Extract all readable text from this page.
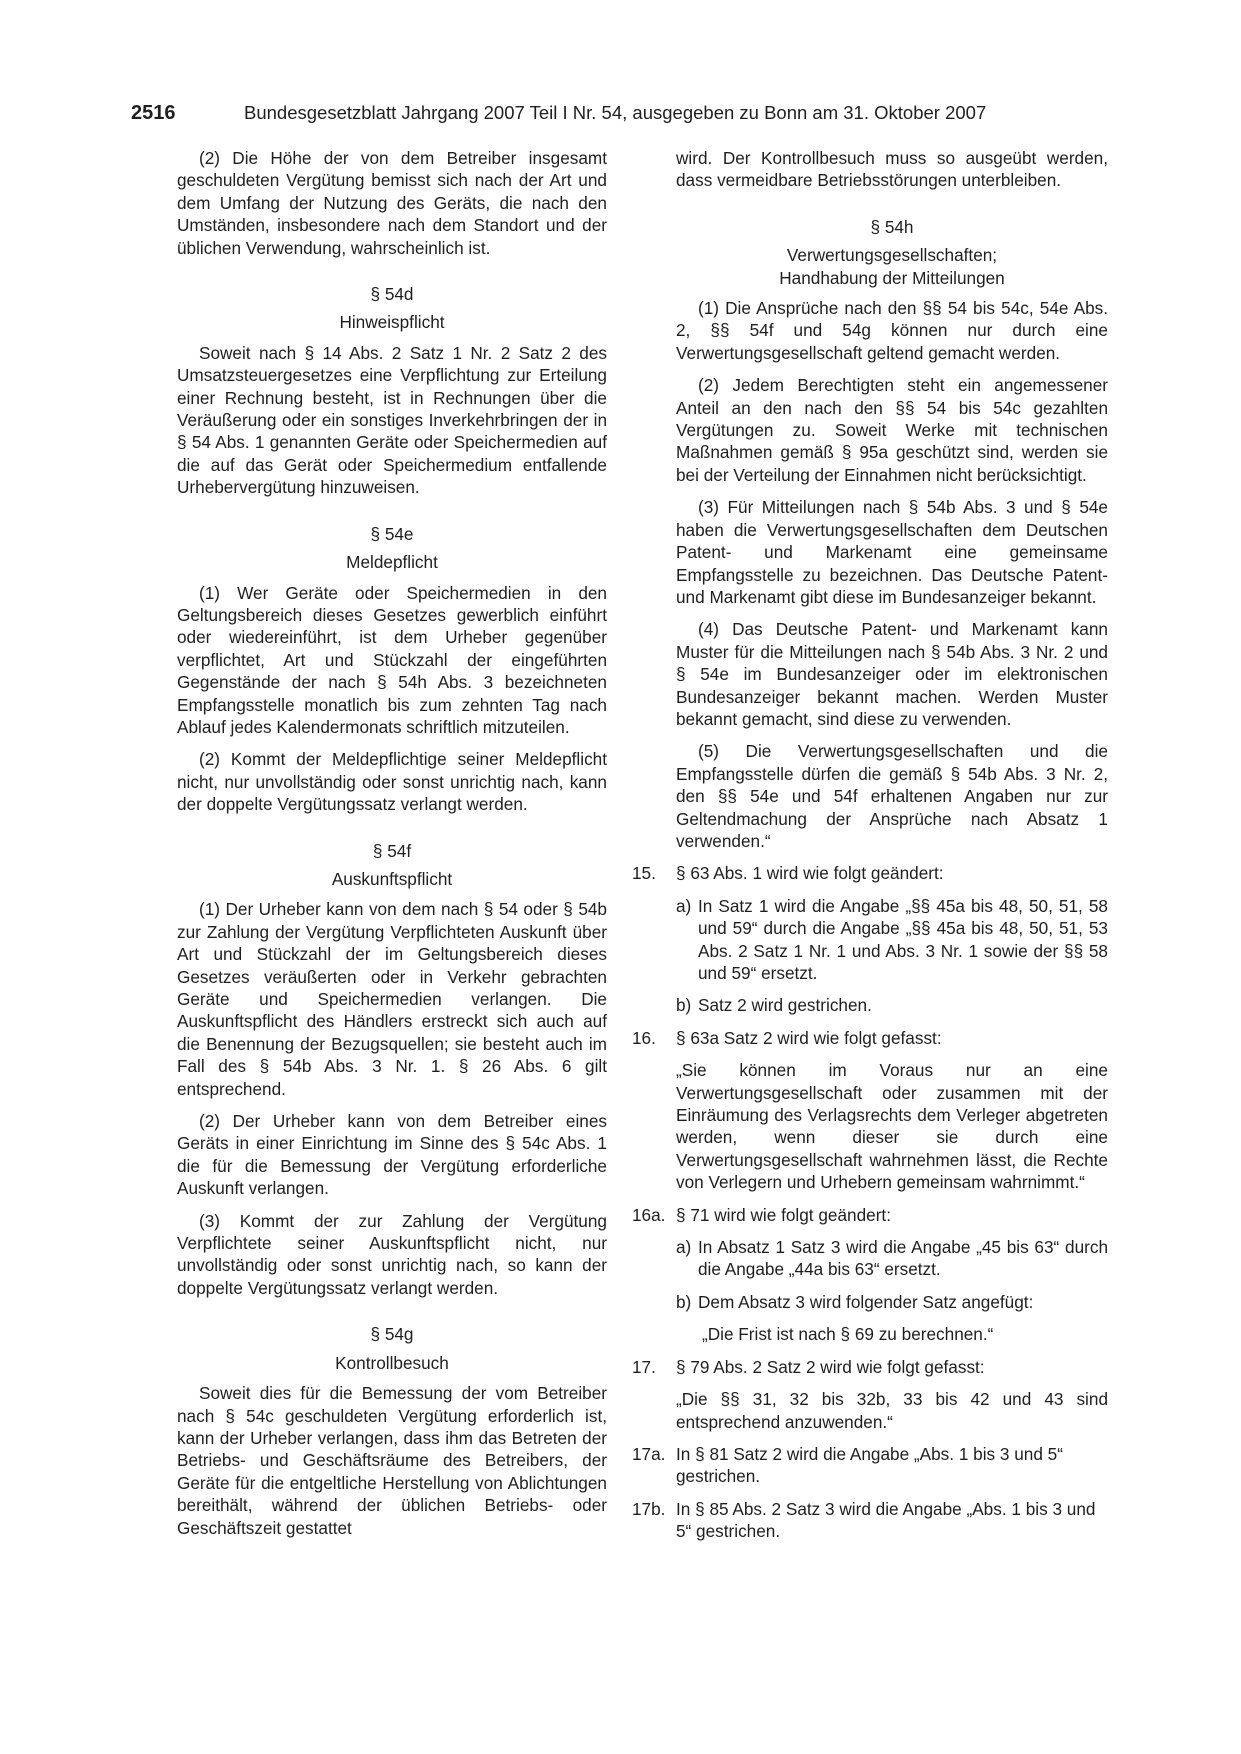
2516	Bundesgesetzblatt Jahrgang 2007 Teil I Nr. 54, ausgegeben zu Bonn am 31. Oktober 2007

(2) Die Höhe der von dem Betreiber insgesamt geschuldeten Vergütung bemisst sich nach der Art und dem Umfang der Nutzung des Geräts, die nach den Umständen, insbesondere nach dem Standort und der üblichen Verwendung, wahrscheinlich ist.

§ 54d
Hinweispflicht

Soweit nach § 14 Abs. 2 Satz 1 Nr. 2 Satz 2 des Umsatzsteuergesetzes eine Verpflichtung zur Erteilung einer Rechnung besteht, ist in Rechnungen über die Veräußerung oder ein sonstiges Inverkehrbringen der in § 54 Abs. 1 genannten Geräte oder Speichermedien auf die auf das Gerät oder Speichermedium entfallende Urhebervergütung hinzuweisen.

§ 54e
Meldepflicht

(1) Wer Geräte oder Speichermedien in den Geltungsbereich dieses Gesetzes gewerblich einführt oder wiedereinführt, ist dem Urheber gegenüber verpflichtet, Art und Stückzahl der eingeführten Gegenstände der nach § 54h Abs. 3 bezeichneten Empfangsstelle monatlich bis zum zehnten Tag nach Ablauf jedes Kalendermonats schriftlich mitzuteilen.

(2) Kommt der Meldepflichtige seiner Meldepflicht nicht, nur unvollständig oder sonst unrichtig nach, kann der doppelte Vergütungssatz verlangt werden.

§ 54f
Auskunftspflicht

(1) Der Urheber kann von dem nach § 54 oder § 54b zur Zahlung der Vergütung Verpflichteten Auskunft über Art und Stückzahl der im Geltungsbereich dieses Gesetzes veräußerten oder in Verkehr gebrachten Geräte und Speichermedien verlangen. Die Auskunftspflicht des Händlers erstreckt sich auch auf die Benennung der Bezugsquellen; sie besteht auch im Fall des § 54b Abs. 3 Nr. 1. § 26 Abs. 6 gilt entsprechend.

(2) Der Urheber kann von dem Betreiber eines Geräts in einer Einrichtung im Sinne des § 54c Abs. 1 die für die Bemessung der Vergütung erforderliche Auskunft verlangen.

(3) Kommt der zur Zahlung der Vergütung Verpflichtete seiner Auskunftspflicht nicht, nur unvollständig oder sonst unrichtig nach, so kann der doppelte Vergütungssatz verlangt werden.

§ 54g
Kontrollbesuch

Soweit dies für die Bemessung der vom Betreiber nach § 54c geschuldeten Vergütung erforderlich ist, kann der Urheber verlangen, dass ihm das Betreten der Betriebs- und Geschäftsräume des Betreibers, der Geräte für die entgeltliche Herstellung von Ablichtungen bereithält, während der üblichen Betriebs- oder Geschäftszeit gestattet

wird. Der Kontrollbesuch muss so ausgeübt werden, dass vermeidbare Betriebsstörungen unterbleiben.

§ 54h
Verwertungsgesellschaften;
Handhabung der Mitteilungen

(1) Die Ansprüche nach den §§ 54 bis 54c, 54e Abs. 2, §§ 54f und 54g können nur durch eine Verwertungsgesellschaft geltend gemacht werden.

(2) Jedem Berechtigten steht ein angemessener Anteil an den nach den §§ 54 bis 54c gezahlten Vergütungen zu. Soweit Werke mit technischen Maßnahmen gemäß § 95a geschützt sind, werden sie bei der Verteilung der Einnahmen nicht berücksichtigt.

(3) Für Mitteilungen nach § 54b Abs. 3 und § 54e haben die Verwertungsgesellschaften dem Deutschen Patent- und Markenamt eine gemeinsame Empfangsstelle zu bezeichnen. Das Deutsche Patent- und Markenamt gibt diese im Bundesanzeiger bekannt.

(4) Das Deutsche Patent- und Markenamt kann Muster für die Mitteilungen nach § 54b Abs. 3 Nr. 2 und § 54e im Bundesanzeiger oder im elektronischen Bundesanzeiger bekannt machen. Werden Muster bekannt gemacht, sind diese zu verwenden.

(5) Die Verwertungsgesellschaften und die Empfangsstelle dürfen die gemäß § 54b Abs. 3 Nr. 2, den §§ 54e und 54f erhaltenen Angaben nur zur Geltendmachung der Ansprüche nach Absatz 1 verwenden.“

15.	§ 63 Abs. 1 wird wie folgt geändert:
a) In Satz 1 wird die Angabe „§§ 45a bis 48, 50, 51, 58 und 59“ durch die Angabe „§§ 45a bis 48, 50, 51, 53 Abs. 2 Satz 1 Nr. 1 und Abs. 3 Nr. 1 sowie der §§ 58 und 59“ ersetzt.
b) Satz 2 wird gestrichen.
16.	§ 63a Satz 2 wird wie folgt gefasst:

„Sie können im Voraus nur an eine Verwertungsgesellschaft oder zusammen mit der Einräumung des Verlagsrechts dem Verleger abgetreten werden, wenn dieser sie durch eine Verwertungsgesellschaft wahrnehmen lässt, die Rechte von Verlegern und Urhebern gemeinsam wahrnimmt.“

16a. § 71 wird wie folgt geändert:
a) In Absatz 1 Satz 3 wird die Angabe „45 bis 63“ durch die Angabe „44a bis 63“ ersetzt.
b) Dem Absatz 3 wird folgender Satz angefügt:

„Die Frist ist nach § 69 zu berechnen.“

17.	§ 79 Abs. 2 Satz 2 wird wie folgt gefasst:

„Die §§ 31, 32 bis 32b, 33 bis 42 und 43 sind entsprechend anzuwenden.“

17a. In § 81 Satz 2 wird die Angabe „Abs. 1 bis 3 und 5“ gestrichen.
17b. In § 85 Abs. 2 Satz 3 wird die Angabe „Abs. 1 bis 3 und 5“ gestrichen.
